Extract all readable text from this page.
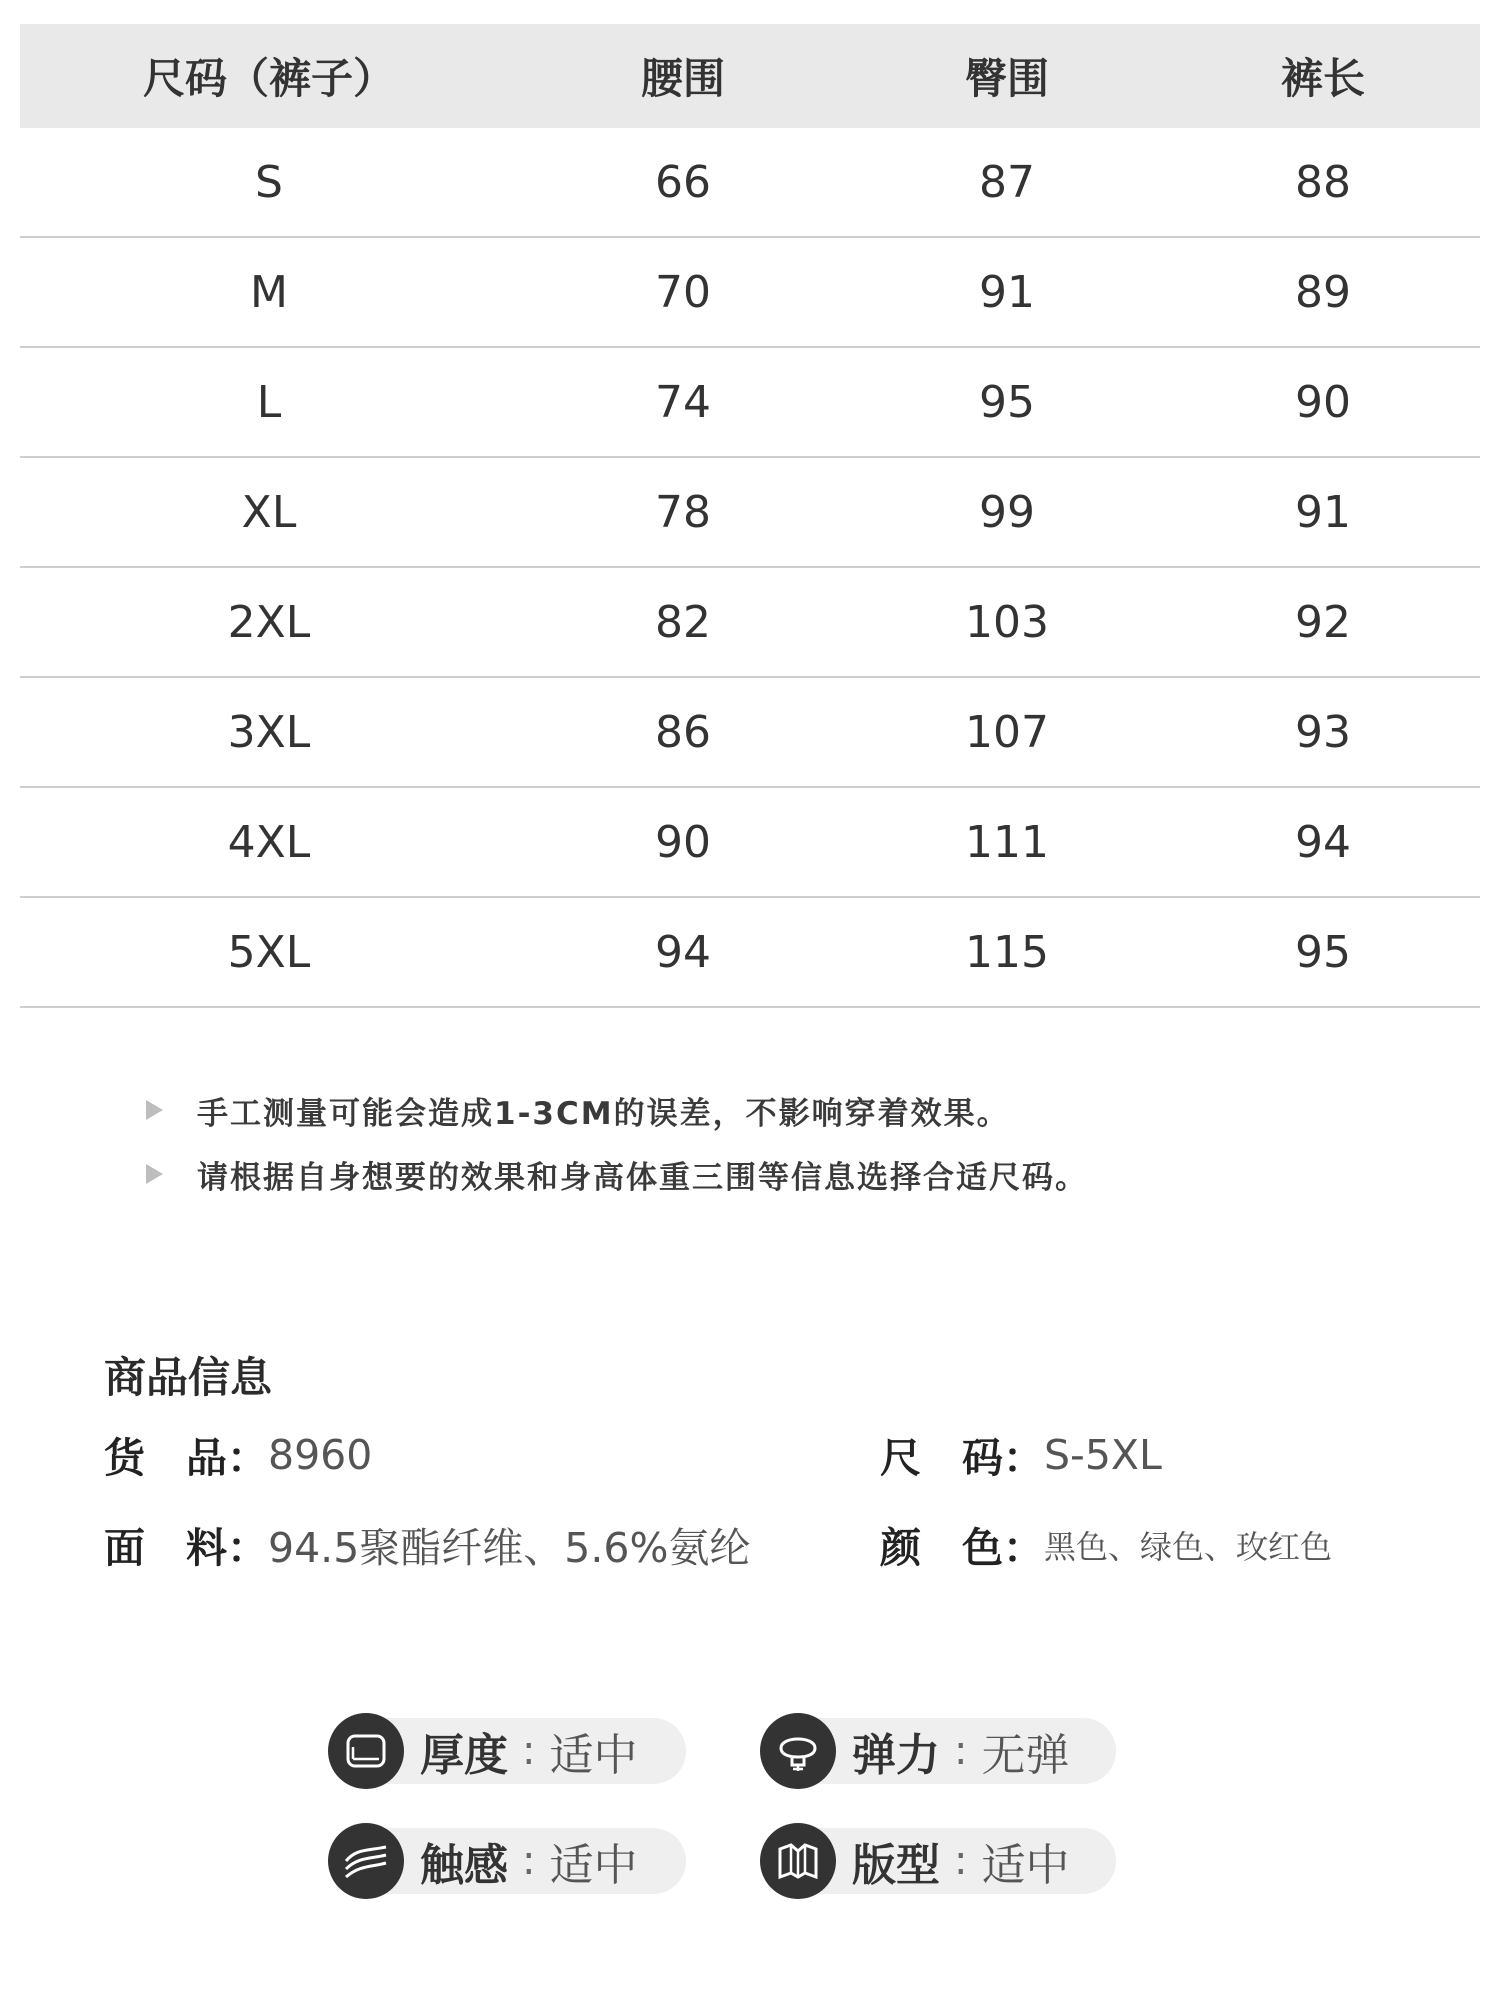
尺码（裤子）	腰围	臀围	裤长
S	66	87	88
M	70	91	89
L	74	95	90
XL	78	99	91
2XL	82	103	92
3XL	86	107	93
4XL	90	111	94
5XL	94	115	95
手工测量可能会造成1-3CM的误差，不影响穿着效果。
请根据自身想要的效果和身高体重三围等信息选择合适尺码。
商品信息
货　品： 8960	尺　码： S-5XL
面　料： 94.5聚酯纤维、5.6%氨纶	颜　色： 黑色、绿色、玫红色
厚度 : 适中	弹力 : 无弹
触感 : 适中	版型 : 适中
